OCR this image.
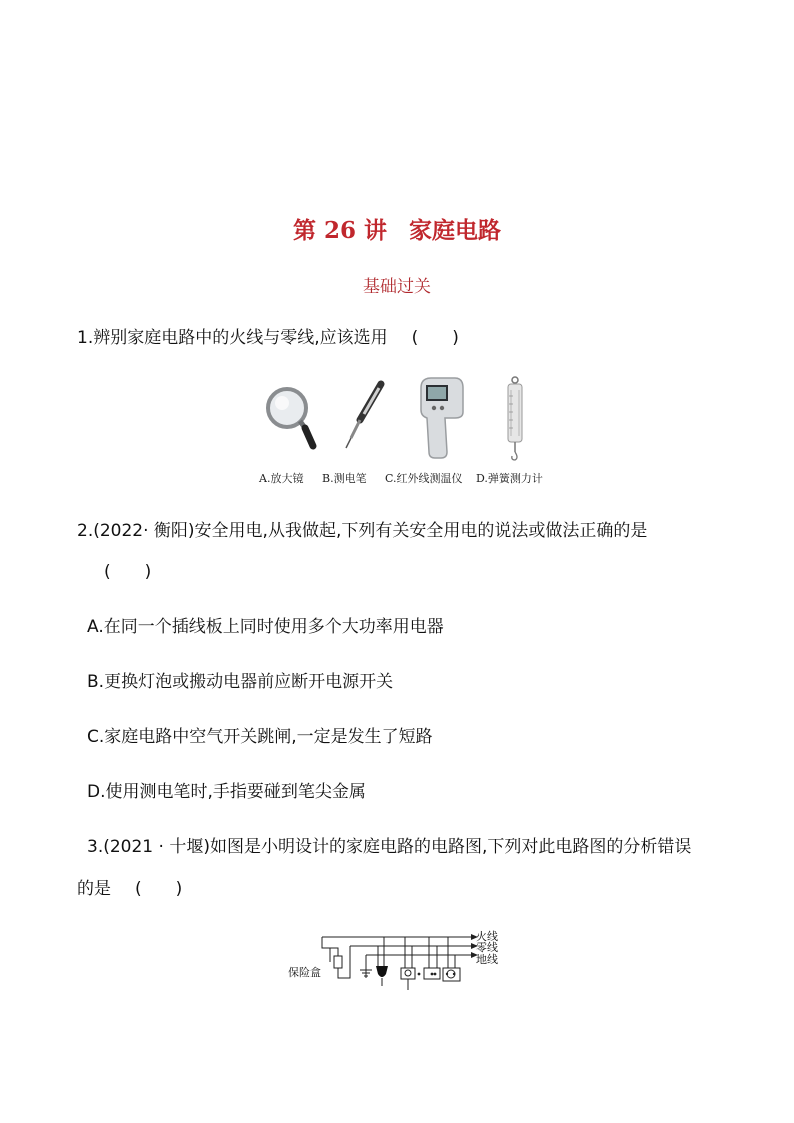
第 26 讲 家庭电路
基础过关
1.辨别家庭电路中的火线与零线,应该选用 ( )
A.放大镜 B.测电笔 C.红外线测温仪 D.弹簧测力计
2.(2022· 衡阳)安全用电,从我做起,下列有关安全用电的说法或做法正确的是
( )
A.在同一个插线板上同时使用多个大功率用电器
B.更换灯泡或搬动电器前应断开电源开关
C.家庭电路中空气开关跳闸,一定是发生了短路
D.使用测电笔时,手指要碰到笔尖金属
3.(2021 · 十堰)如图是小明设计的家庭电路的电路图,下列对此电路图的分析错误
的是 ( )
火线
零线
地线
保险盒
